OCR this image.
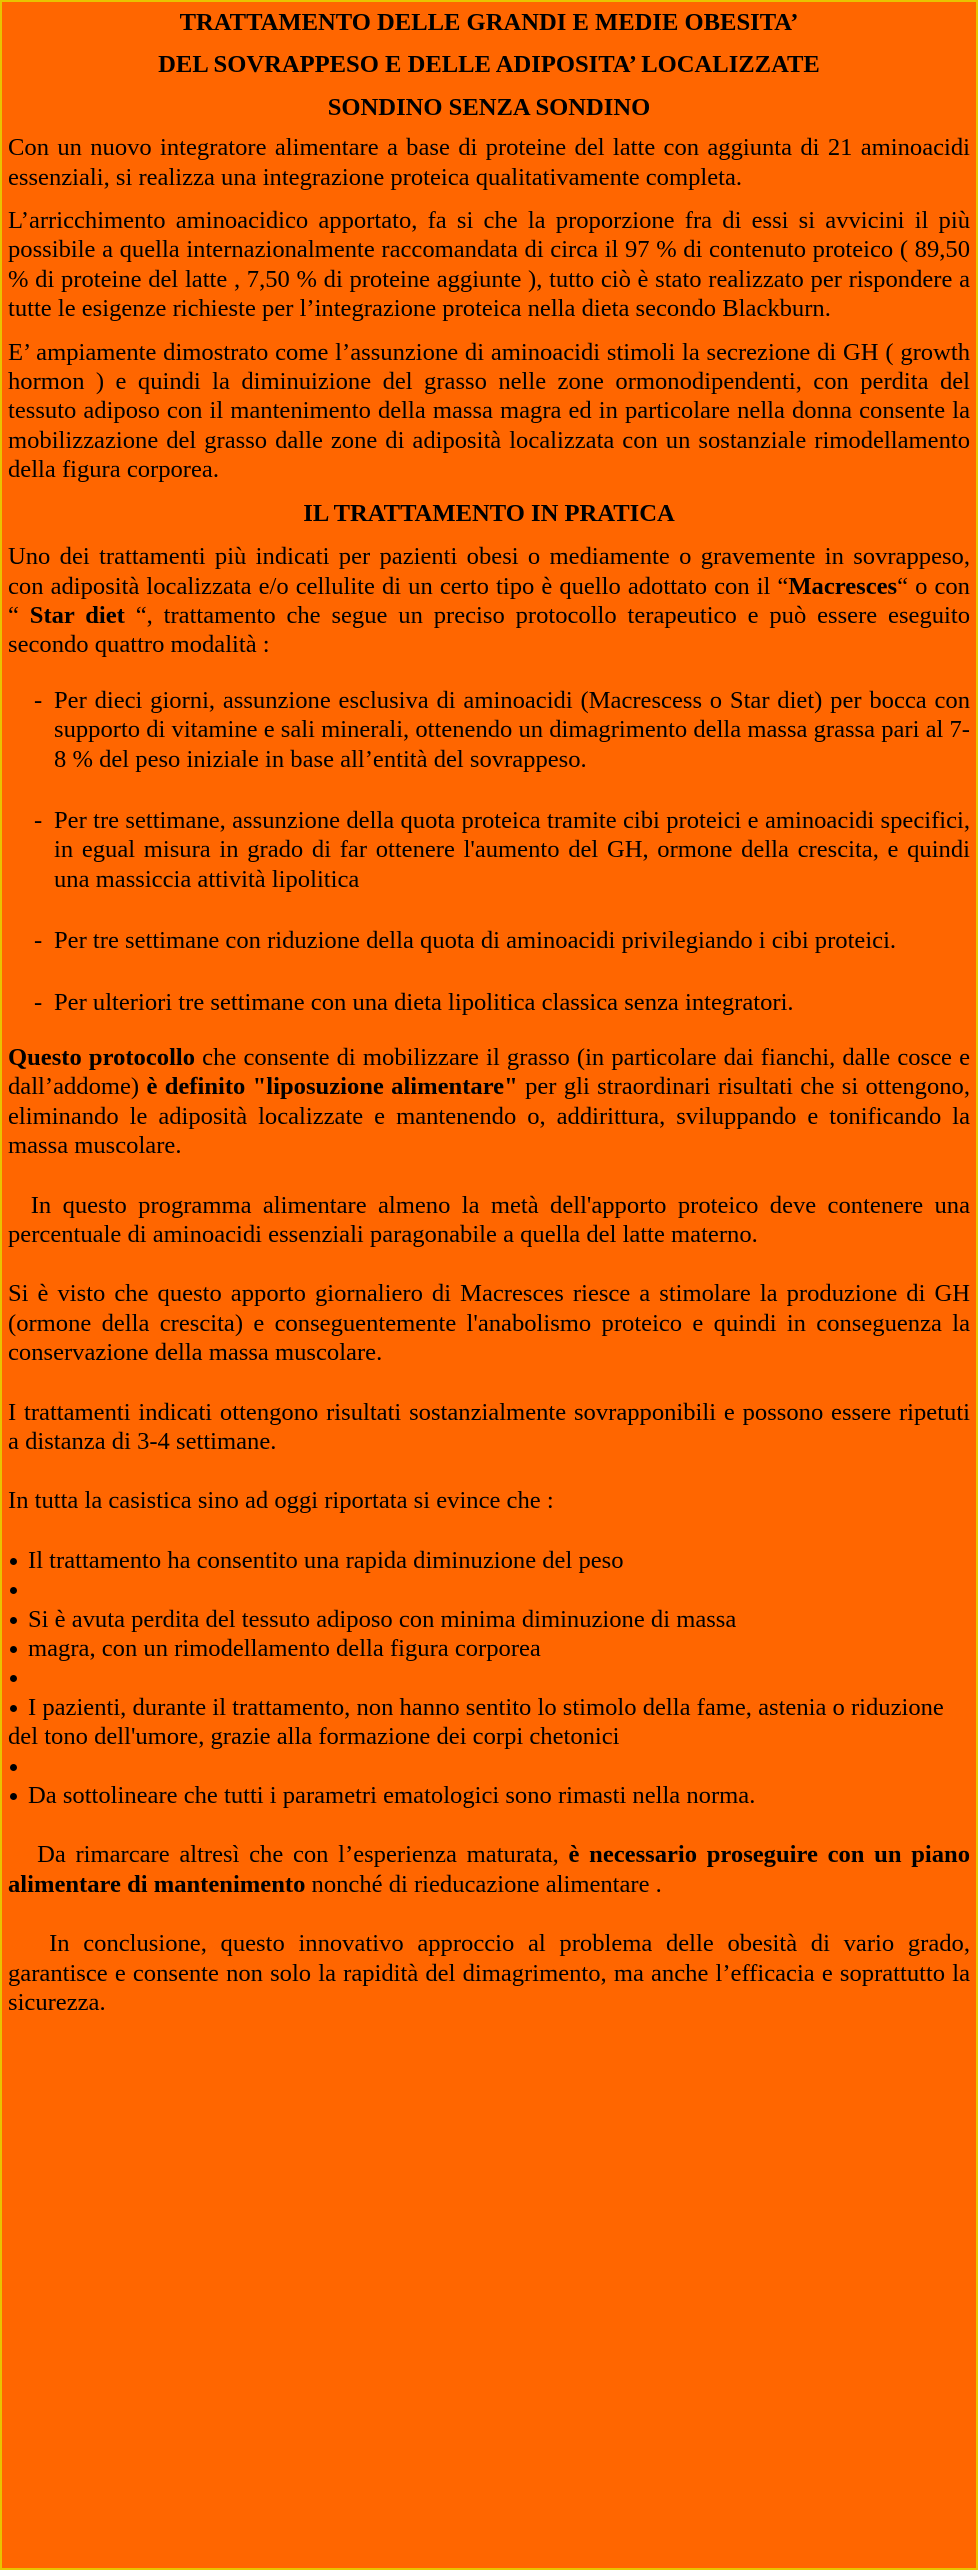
TRATTAMENTO DELLE GRANDI E MEDIE OBESITA’
DEL SOVRAPPESO E DELLE ADIPOSITA’ LOCALIZZATE
SONDINO SENZA SONDINO

Con un nuovo integratore alimentare a base di proteine del latte con aggiunta di 21 aminoacidi essenziali, si realizza una integrazione proteica qualitativamente completa.

L’arricchimento aminoacidico apportato, fa si che la proporzione fra di essi si avvicini il più possibile a quella internazionalmente raccomandata di circa il 97 % di contenuto proteico ( 89,50 % di proteine del latte , 7,50 % di proteine aggiunte ), tutto ciò è stato realizzato per rispondere a tutte le esigenze richieste per l’integrazione proteica nella dieta secondo Blackburn.

E’ ampiamente dimostrato come l’assunzione di aminoacidi stimoli la secrezione di GH ( growth hormon ) e quindi la diminuizione del grasso nelle zone ormonodipendenti, con perdita del tessuto adiposo con il mantenimento della massa magra ed in particolare nella donna consente la mobilizzazione del grasso dalle zone di adiposità localizzata con un sostanziale rimodellamento della figura corporea.

IL TRATTAMENTO IN PRATICA

Uno dei trattamenti più indicati per pazienti obesi o mediamente o gravemente in sovrappeso, con adiposità localizzata e/o cellulite di un certo tipo è quello adottato con il “Macresces“ o con “ Star diet “, trattamento che segue un preciso protocollo terapeutico e può essere eseguito secondo quattro modalità :

- Per dieci giorni, assunzione esclusiva di aminoacidi (Macrescess o Star diet) per bocca con supporto di vitamine e sali minerali, ottenendo un dimagrimento della massa grassa pari al 7-8 % del peso iniziale in base all’entità del sovrappeso.
- Per tre settimane, assunzione della quota proteica tramite cibi proteici e aminoacidi specifici, in egual misura in grado di far ottenere l'aumento del GH, ormone della crescita, e quindi una massiccia attività lipolitica
- Per tre settimane con riduzione della quota di aminoacidi privilegiando i cibi proteici.
- Per ulteriori tre settimane con una dieta lipolitica classica senza integratori.

Questo protocollo che consente di mobilizzare il grasso (in particolare dai fianchi, dalle cosce e dall’addome) è definito "liposuzione alimentare" per gli straordinari risultati che si ottengono, eliminando le adiposità localizzate e mantenendo o, addirittura, sviluppando e tonificando la massa muscolare.

In questo programma alimentare almeno la metà dell'apporto proteico deve contenere una percentuale di aminoacidi essenziali paragonabile a quella del latte materno.

Si è visto che questo apporto giornaliero di Macresces riesce a stimolare la produzione di GH (ormone della crescita) e conseguentemente l'anabolismo proteico e quindi in conseguenza la conservazione della massa muscolare.

I trattamenti indicati ottengono risultati sostanzialmente sovrapponibili e possono essere ripetuti a distanza di 3-4 settimane.

In tutta la casistica sino ad oggi riportata si evince che :

Il trattamento ha consentito una rapida diminuzione del peso
Si è avuta perdita del tessuto adiposo con minima diminuzione di massa
magra, con un rimodellamento della figura corporea
I pazienti, durante il trattamento, non hanno sentito lo stimolo della fame, astenia o riduzione del tono dell'umore, grazie alla formazione dei corpi chetonici
Da sottolineare che tutti i parametri ematologici sono rimasti nella norma.

Da rimarcare altresì che con l’esperienza maturata, è necessario proseguire con un piano alimentare di mantenimento nonché di rieducazione alimentare .

In conclusione, questo innovativo approccio al problema delle obesità di vario grado, garantisce e consente non solo la rapidità del dimagrimento, ma anche l’efficacia e soprattutto la sicurezza.
